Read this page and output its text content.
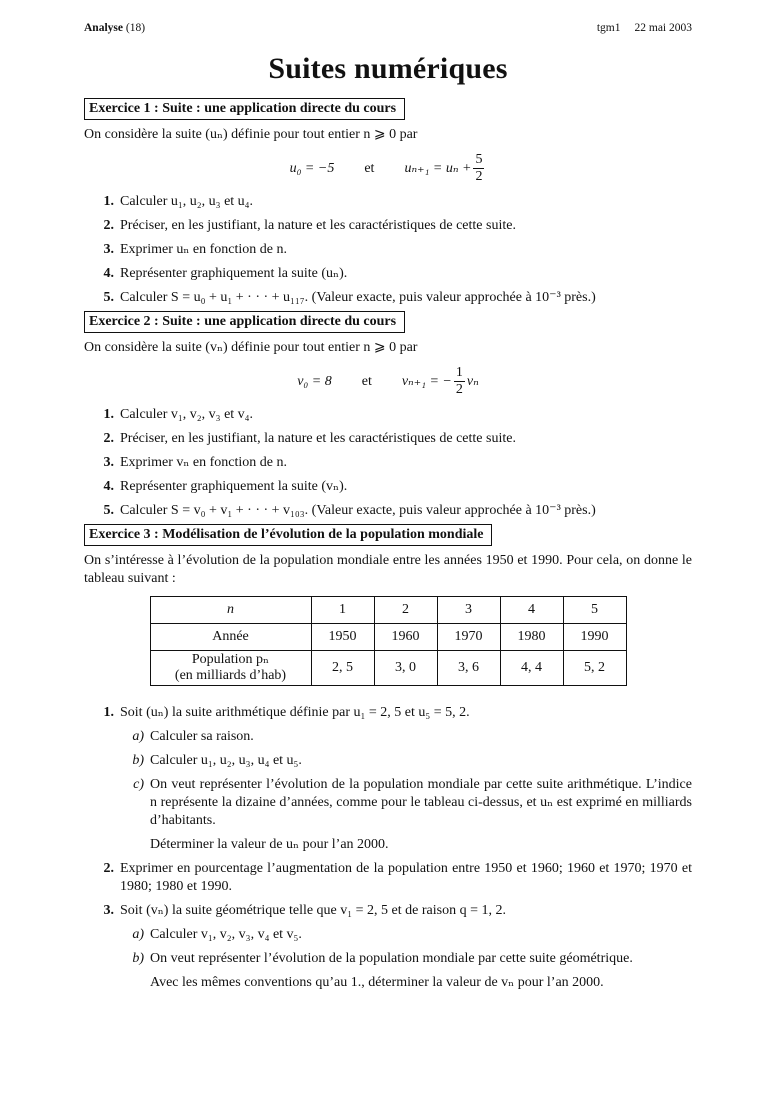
Analyse (18)	tgm1 22 mai 2003
Suites numériques
Exercice 1 : Suite : une application directe du cours

On considère la suite (uₙ) définie pour tout entier n ⩾ 0 par

u₀ = −5 et $u_{n+1} = u_n + \frac{5}{2}$
1. Calculer u₁, u₂, u₃ et u₄.
2. Préciser, en les justifiant, la nature et les caractéristiques de cette suite.
3. Exprimer uₙ en fonction de n.
4. Représenter graphiquement la suite (uₙ).
5. Calculer S = u₀ + u₁ + · · · + u₁₁₇. (Valeur exacte, puis valeur approchée à 10⁻³ près.)
Exercice 2 : Suite : une application directe du cours

On considère la suite (vₙ) définie pour tout entier n ⩾ 0 par

v₀ = 8 et vₙ₊₁ = − $\frac{1}{2}$ vₙ
1. Calculer v₁, v₂, v₃ et v₄.
2. Préciser, en les justifiant, la nature et les caractéristiques de cette suite.
3. Exprimer vₙ en fonction de n.
4. Représenter graphiquement la suite (vₙ).
5. Calculer S = v₀ + v₁ + · · · + v₁₀₃. (Valeur exacte, puis valeur approchée à 10⁻³ près.)
Exercice 3 : Modélisation de l’évolution de la population mondiale

On s’intéresse à l’évolution de la population mondiale entre les années 1950 et 1990. Pour cela, on donne le tableau suivant :

n	1	2	3	4	5
Année	1950	1960	1970	1980	1990

Population pₙ
(en milliards d’hab)	2, 5	3, 0	3, 6	4, 4	5, 2
1. Soit (uₙ) la suite arithmétique définie par u₁ = 2, 5 et u₅ = 5, 2.
a) Calculer sa raison.
b) Calculer u₁, u₂, u₃, u₄ et u₅.
c) On veut représenter l’évolution de la population mondiale par cette suite arithmétique. L’indice n représente la dizaine d’années, comme pour le tableau ci-dessus, et uₙ est exprimé en milliards d’habitants.
Déterminer la valeur de uₙ pour l’an 2000.
2. Exprimer en pourcentage l’augmentation de la population entre 1950 et 1960; 1960 et 1970; 1970 et 1980; 1980 et 1990.
3. Soit (vₙ) la suite géométrique telle que v₁ = 2, 5 et de raison q = 1, 2.
a) Calculer v₁, v₂, v₃, v₄ et v₅.
b) On veut représenter l’évolution de la population mondiale par cette suite géométrique.
Avec les mêmes conventions qu’au 1., déterminer la valeur de vₙ pour l’an 2000.
